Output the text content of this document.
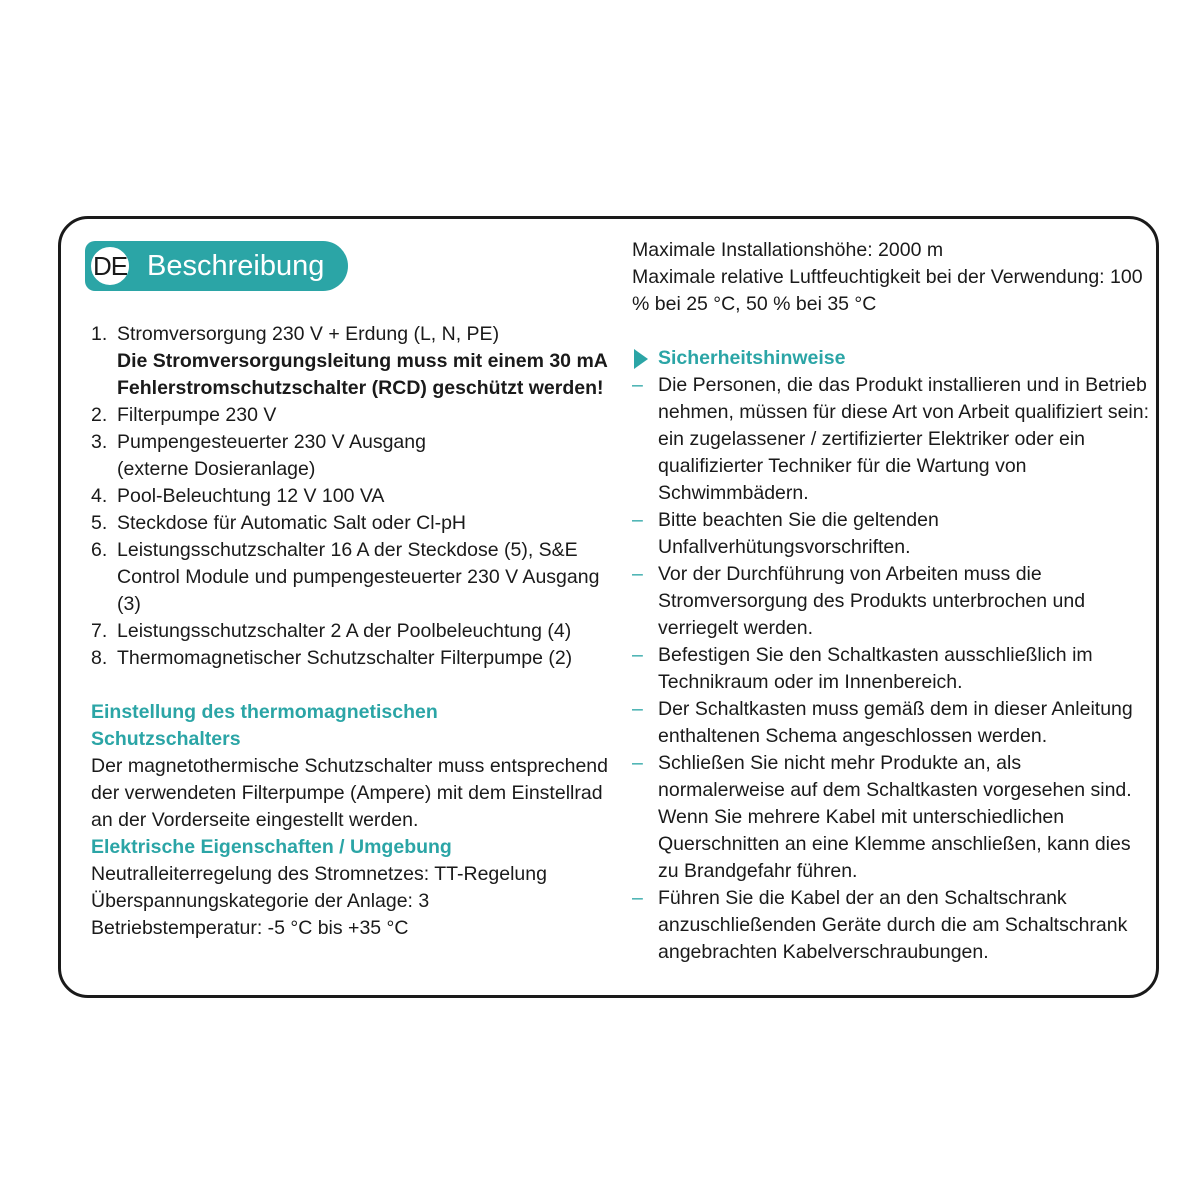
DE Beschreibung
1. Stromversorgung 230 V + Erdung (L, N, PE)
Die Stromversorgungsleitung muss mit einem 30 mA Fehlerstromschutzschalter (RCD) geschützt werden!
2. Filterpumpe 230 V
3. Pumpengesteuerter 230 V Ausgang (externe Dosieranlage)
4. Pool-Beleuchtung 12 V 100 VA
5. Steckdose für Automatic Salt oder Cl-pH
6. Leistungsschutzschalter 16 A der Steckdose (5), S&E Control Module und pumpengesteuerter 230 V Ausgang (3)
7. Leistungsschutzschalter 2 A der Poolbeleuchtung (4)
8. Thermomagnetischer Schutzschalter Filterpumpe (2)
Einstellung des thermomagnetischen Schutzschalters
Der magnetothermische Schutzschalter muss entsprechend der verwendeten Filterpumpe (Ampere) mit dem Einstellrad an der Vorderseite eingestellt werden.
Elektrische Eigenschaften / Umgebung

Neutralleiterregelung des Stromnetzes: TT-Regelung

Überspannungskategorie der Anlage: 3

Betriebstemperatur: -5 °C bis +35 °C

Maximale Installationshöhe: 2000 m

Maximale relative Luftfeuchtigkeit bei der Verwendung: 100 % bei 25 °C, 50 % bei 35 °C

Sicherheitshinweise
– Die Personen, die das Produkt installieren und in Betrieb nehmen, müssen für diese Art von Arbeit qualifiziert sein: ein zugelassener / zertifizierter Elektriker oder ein qualifizierter Techniker für die Wartung von Schwimmbädern.
– Bitte beachten Sie die geltenden Unfallverhütungsvorschriften.
– Vor der Durchführung von Arbeiten muss die Stromversorgung des Produkts unterbrochen und verriegelt werden.
– Befestigen Sie den Schaltkasten ausschließlich im Technikraum oder im Innenbereich.
– Der Schaltkasten muss gemäß dem in dieser Anleitung enthaltenen Schema angeschlossen werden.
– Schließen Sie nicht mehr Produkte an, als normalerweise auf dem Schaltkasten vorgesehen sind. Wenn Sie mehrere Kabel mit unterschiedlichen Querschnitten an eine Klemme anschließen, kann dies zu Brandgefahr führen.
– Führen Sie die Kabel der an den Schaltschrank anzuschließenden Geräte durch die am Schaltschrank angebrachten Kabelverschraubungen.
